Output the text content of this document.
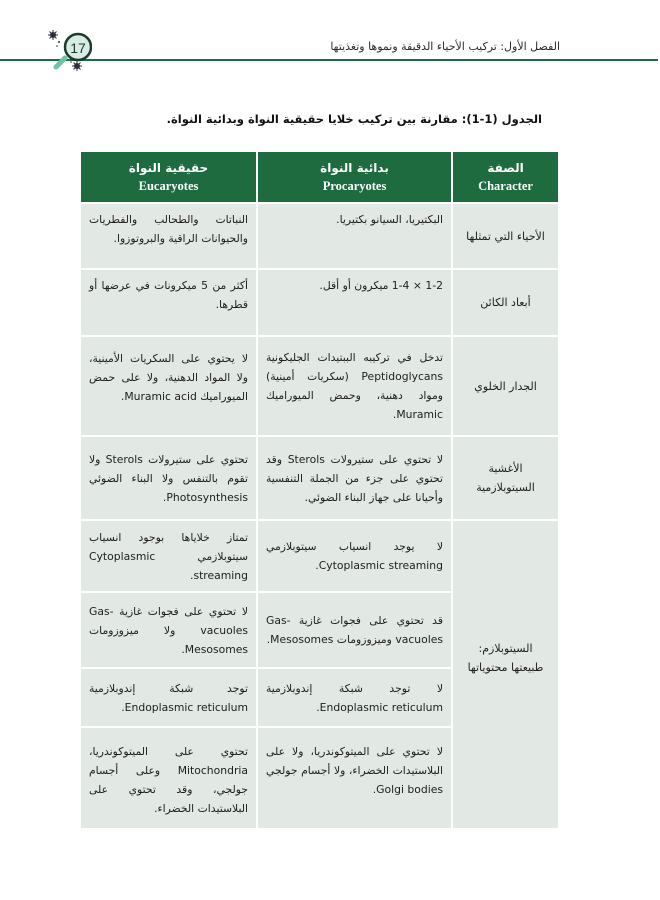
الفصل الأول: تركيب الأحياء الدقيقة ونموها وتغذيتها
17
الجدول (1-1): مقارنة بين تركيب خلايا حقيقية النواة وبدائية النواة.
الصفة
Character
بدائية النواة
Procaryotes
حقيقية النواة
Eucaryotes
الأحياء التي تمثلها
البكتيريا، السيانو بكتيريا.
النباتات والطحالب والفطريات والحيوانات الراقية والبروتوزوا.
أبعاد الكائن
1-2 × 1-4 ميكرون أو أقل.
أكثر من 5 ميكرونات في عرضها أو قطرها.
الجدار الخلوي
تدخل في تركيبه الببتيدات الجليكونية Peptidoglycans (سكريات أمينية) ومواد دهنية، وحمض الميوراميك Muramic.
لا يحتوي على السكريات الأمينية، ولا المواد الدهنية، ولا على حمض الميوراميك Muramic acid.
الأغشية السيتوبلازمية
لا تحتوي على ستيرولات Sterols وقد تحتوي على جزء من الجملة التنفسية وأحيانا على جهاز البناء الضوئي.
تحتوي على ستيرولات Sterols ولا تقوم بالتنفس ولا البناء الضوئي Photosynthesis.
السيتوبلازم: طبيعتها محتوياتها
لا يوجد انسياب سيتوبلازمي Cytoplasmic streaming.
تمتاز خلاياها بوجود انسياب سيتوبلازمي Cytoplasmic streaming.
قد تحتوي على فجوات غازية Gas-vacuoles وميزوزومات Mesosomes.
لا تحتوي على فجوات غازية Gas-vacuoles ولا ميزوزومات Mesosomes.
لا توجد شبكة إندوبلازمية Endoplasmic reticulum.
توجد شبكة إندوبلازمية Endoplasmic reticulum.
لا تحتوي على الميتوكوندريا، ولا على البلاستيدات الخضراء، ولا أجسام جولجي Golgi bodies.
تحتوي على الميتوكوندريا، Mitochondria وعلى أجسام جولجي، وقد تحتوي على البلاستيدات الخضراء.
